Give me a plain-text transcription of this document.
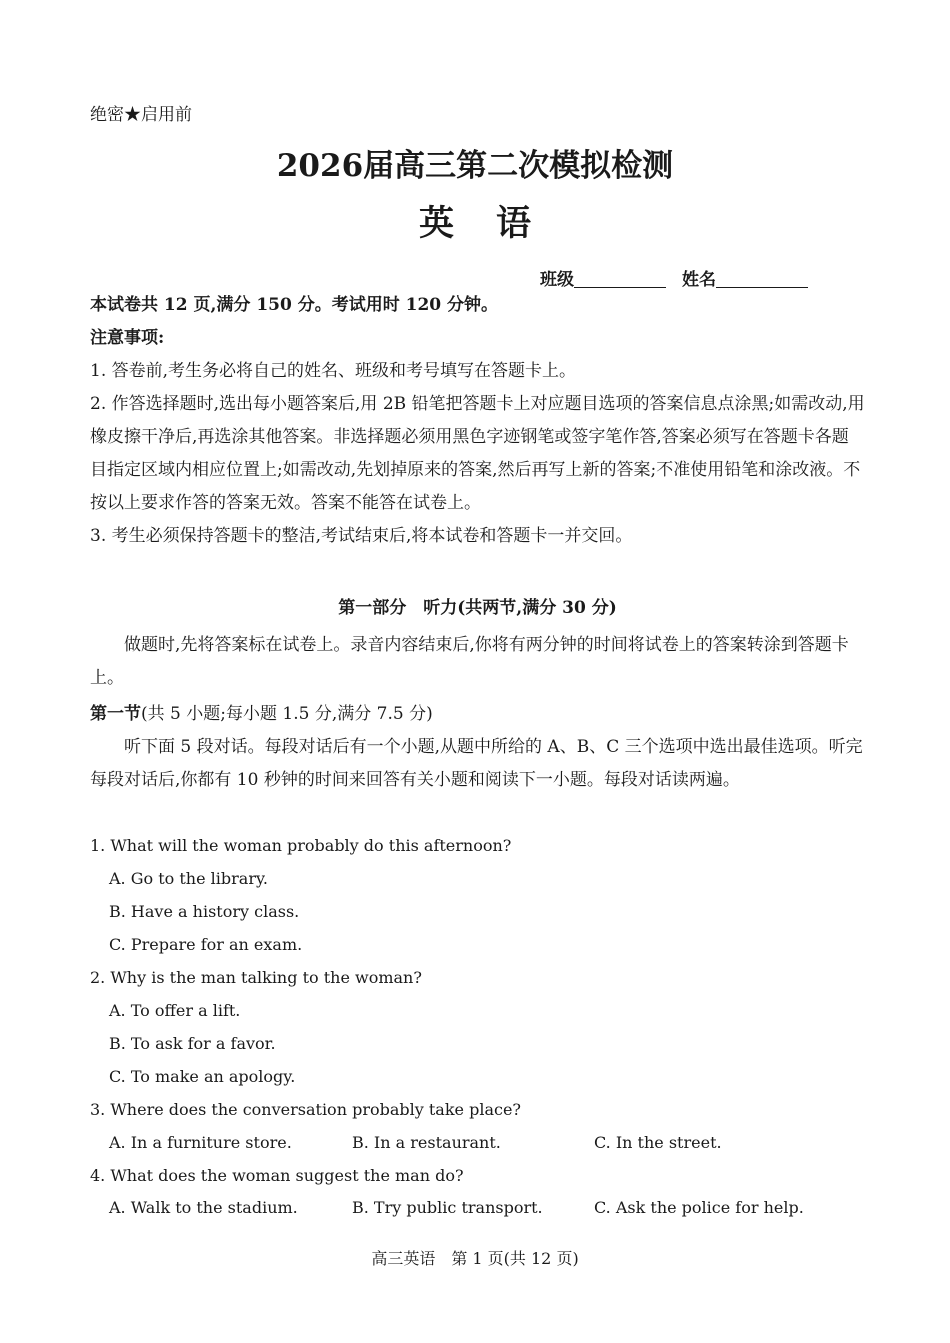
绝密★启用前
2026届高三第二次模拟检测
英语
班级	姓名
本试卷共 12 页,满分 150 分。考试用时 120 分钟。
注意事项:
1. 答卷前,考生务必将自己的姓名、班级和考号填写在答题卡上。
2. 作答选择题时,选出每小题答案后,用 2B 铅笔把答题卡上对应题目选项的答案信息点涂黑;如需改动,用橡皮擦干净后,再选涂其他答案。非选择题必须用黑色字迹钢笔或签字笔作答,答案必须写在答题卡各题目指定区域内相应位置上;如需改动,先划掉原来的答案,然后再写上新的答案;不准使用铅笔和涂改液。不按以上要求作答的答案无效。答案不能答在试卷上。
3. 考生必须保持答题卡的整洁,考试结束后,将本试卷和答题卡一并交回。
第一部分　听力(共两节,满分 30 分)
做题时,先将答案标在试卷上。录音内容结束后,你将有两分钟的时间将试卷上的答案转涂到答题卡上。
第一节(共 5 小题;每小题 1.5 分,满分 7.5 分)
听下面 5 段对话。每段对话后有一个小题,从题中所给的 A、B、C 三个选项中选出最佳选项。听完每段对话后,你都有 10 秒钟的时间来回答有关小题和阅读下一小题。每段对话读两遍。
1. What will the woman probably do this afternoon?
A. Go to the library.
B. Have a history class.
C. Prepare for an exam.
2. Why is the man talking to the woman?
A. To offer a lift.
B. To ask for a favor.
C. To make an apology.
3. Where does the conversation probably take place?
A. In a furniture store.	B. In a restaurant.	C. In the street.
4. What does the woman suggest the man do?
A. Walk to the stadium.	B. Try public transport.	C. Ask the police for help.
高三英语　第 1 页(共 12 页)
